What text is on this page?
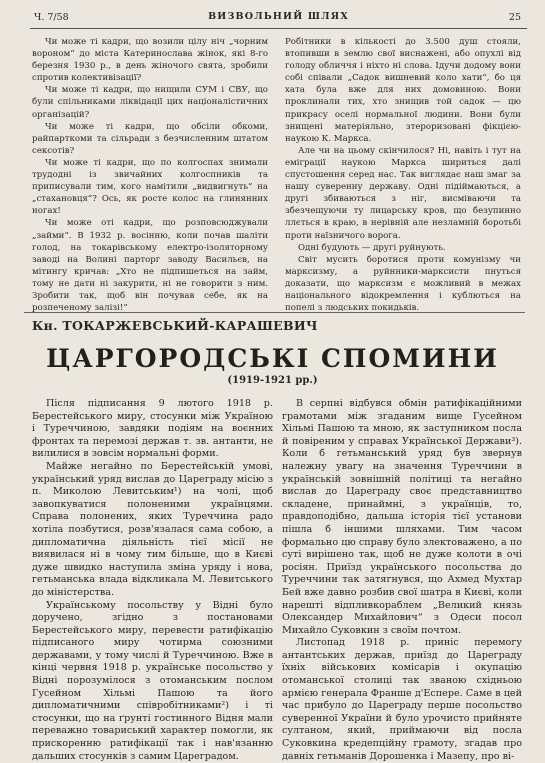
Ч. 7/58	ВИЗВОЛЬНИЙ ШЛЯХ	25

Чи може ті кадри, що возили цілу ніч „чорним вороном“ до міста Катеринослава жінок, які 8-го березня 1930 р., в день жіночого свята, зробили спротив колективізації?

Чи може ті кадри, що нищили СУМ і СВУ, що були спільниками ліквідації цих націоналістичних організацій?

Чи може ті кадри, що обсіли обкоми, райпарткоми та сільради з безчисленним штатом сексотів?

Чи може ті кадри, що по колгоспах знимали трудодні із звичайних колгоспників та приписували тим, кого намітили „видвигнуть“ на „стахановця“? Ось, як росте колос на глинянних ногах!

Чи може оті кадри, що розповсюджували „займи“. В 1932 р. восінню, коли почав шаліти голод, на токарівському електро-ізоляторному заводі на Волині парторг заводу Васильєв, на мітингу кричав: „Хто не підпишеться на займ, тому не дати ні закурити, ні не говорити з ним. Зробити так, щоб він почував себе, як на розпеченому залізі!“

Робітники в кількості до 3.500 душ стояли, втопивши в землю свої виснажені, або опухлі від голоду обличчя і ніхто ні слова. Ідучи додому вони собі співали „Садок вишневий коло хати“, бо ця хата була вже для них домовиною. Вони проклинали тих, хто знищив той садок — цю прикрасу оселі нормальної людини. Вони були знищені матеріяльно, зтероризовані фікцією-наукою К. Маркса.

Але чи на цьому скінчилося? Ні, навіть і тут на еміграції наукою Маркса шириться далі спустошення серед нас. Так виглядає наш змаг за нашу суверенну державу. Одні підіймаються, а другі збиваються з ніг, висміваючи та збезчещуючи ту лицарську кров, що безупинно ллється в краю, в нерівній але незламній боротьбі проти наїзничого ворога.

Одні будують — другі руйнують.

Світ мусить боротися проти комунізму чи марксизму, а руйнники-марксисти пнуться доказати, що марксизм є можливий в межах національного відокремлення і кублються на попелі з людських покидьків.

Кн. ТОКАРЖЕВСЬКИЙ-КАРАШЕВИЧ
ЦАРГОРОДСЬКІ СПОМИНИ
(1919-1921 рр.)

Після підписання 9 лютого 1918 р. Берестейського миру, стосунки між Україною і Туреччиною, завдяки подіям на воєнних фронтах та перемозі держав т. зв. антанти, не вилилися в зовсім нормальні форми.

Майже негайно по Берестейській умові, український уряд вислав до Цареграду місію з п. Миколою Левитським¹) на чолі, щоб завопкуватися полоненими українцями. Справа полонених, яких Туреччина радо хотіла позбутися, розв'язалася сама собою, а дипломатична діяльність тієї місії не виявилася ні в чому тим більше, що в Києві дуже швидко наступила зміна уряду і нова, гетьманська влада відкликала М. Левитського до міністерства.

Українському посольству у Відні було доручено, згідно з постановами Берестейського миру, перевести ратифікацію підписаного миру чотирма союзними державами, у тому числі й Туреччиною. Вже в кінці червня 1918 р. українське посольство у Відні порозумілося з отоманським послом Гусейном Хільмі Пашою та його дипломатичними співробітниками²) і ті стосунки, що на ґрунті гостинного Відня мали переважно товариський характер помогли, як прискоренню ратифікації так і нав'язанню дальших стосунків з самим Цареградом.

В серпні відбувся обмін ратифікаційними грамотами між згаданим вище Гусейном Хільмі Пашою та мною, як заступником посла й повіреним у справах Української Держави³). Коли б гетьманський уряд був звернув належну увагу на значення Туреччини в українській зовнішній політиці та негайно вислав до Цареграду своє представництво складене, принаймні, з українців, то, правдоподібно, дальша історія тієї установи пішла б іншими шляхами. Тим часом формально цю справу було злектоважено, а по суті вирішено так, щоб не дуже колоти в очі росіян. Приїзд українського посольства до Туреччини так затягнувся, що Ахмед Мухтар Бей вже давно розбив свої шатра в Києві, коли нарешті відпливкораблем „Великий князь Олександер Михайлович“ з Одеси посол Михайло Суковкин з своїм почтом.

Листопад 1918 р. приніс перемогу антантських держав, приїзд до Цареграду їхніх військових комісарів і окупацію отоманської столиці так званою східньою армією генерала Франше д'Еспере. Саме в цей час прибуло до Цареграду перше посольство суверенної України й було урочисто прийняте султаном, який, приймаючи від посла Суковкина кредепційну грамоту, згадав про давніх гетьманів Дорошенка і Мазепу, про ві-
